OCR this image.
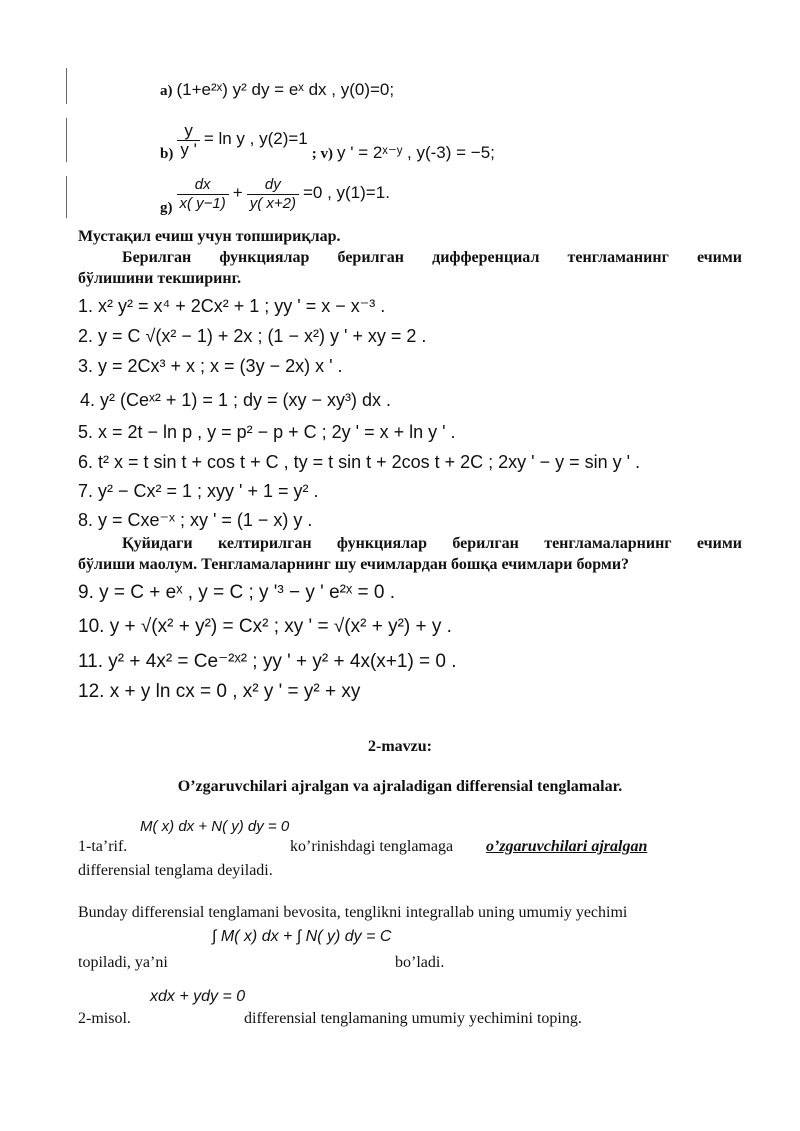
а) (1+e²ˣ) y² dy = eˣ dx , y(0)=0;
$b) \frac{y}{y '} = \ln y$ , y(2)=1 ; v) y ' = 2ˣ⁻ʸ , y(-3) = −5;
$g) \frac{dx}{x( y-1)} + \frac{dy}{y( x+2)} =0$ , y(1)=1.
Мустақил ечиш учун топшириқлар.
Берилган функциялар берилган дифференциал тенгламанинг ечими
бўлишини текширинг.
1. x² y² = x⁴ + 2Cx² + 1 ; yy ' = x − x⁻³ .
2. y = C √(x² − 1) + 2x ; (1 − x²) y ' + xy = 2 .
3. y = 2Cx³ + x ; x = (3y − 2x) x ' .
4. y² (Ceˣ² + 1) = 1 ; dy = (xy − xy³) dx .
5. x = 2t − ln p , y = p² − p + C ; 2y ' = x + ln y ' .
6. t² x = t sin t + cos t + C , ty = t sin t + 2cos t + 2C ; 2xy ' − y = sin y ' .
7. y² − Cx² = 1 ; xyy ' + 1 = y² .
8. y = Cxe⁻ˣ ; xy ' = (1 − x) y .
Қуйидаги келтирилган функциялар берилган тенгламаларнинг ечими
бўлиши маолум. Тенгламаларнинг шу ечимлардан бошқа ечимлари борми?
9. y = C + eˣ , y = C ; y '³ − y ' e²ˣ = 0 .
10. y + √(x² + y²) = Cx² ; xy ' = √(x² + y²) + y .
11. y² + 4x² = Ce⁻²ˣ² ; yy ' + y² + 4x(x+1) = 0 .
12. x + y ln cx = 0 , x² y ' = y² + xy
2-mavzu:
O’zgaruvchilari ajralgan va ajraladigan differensial tenglamalar.
M( x) dx + N( y) dy = 0
1-ta’rif.	ko’rinishdagi tenglamaga o’zgaruvchilari ajralgan
differensial tenglama deyiladi.
Bunday differensial tenglamani bevosita, tenglikni integrallab uning umumiy yechimi
∫ M( x) dx + ∫ N( y) dy = C
topiladi, ya’ni	bo’ladi.
xdx + ydy = 0
2-misol.	differensial tenglamaning umumiy yechimini toping.
